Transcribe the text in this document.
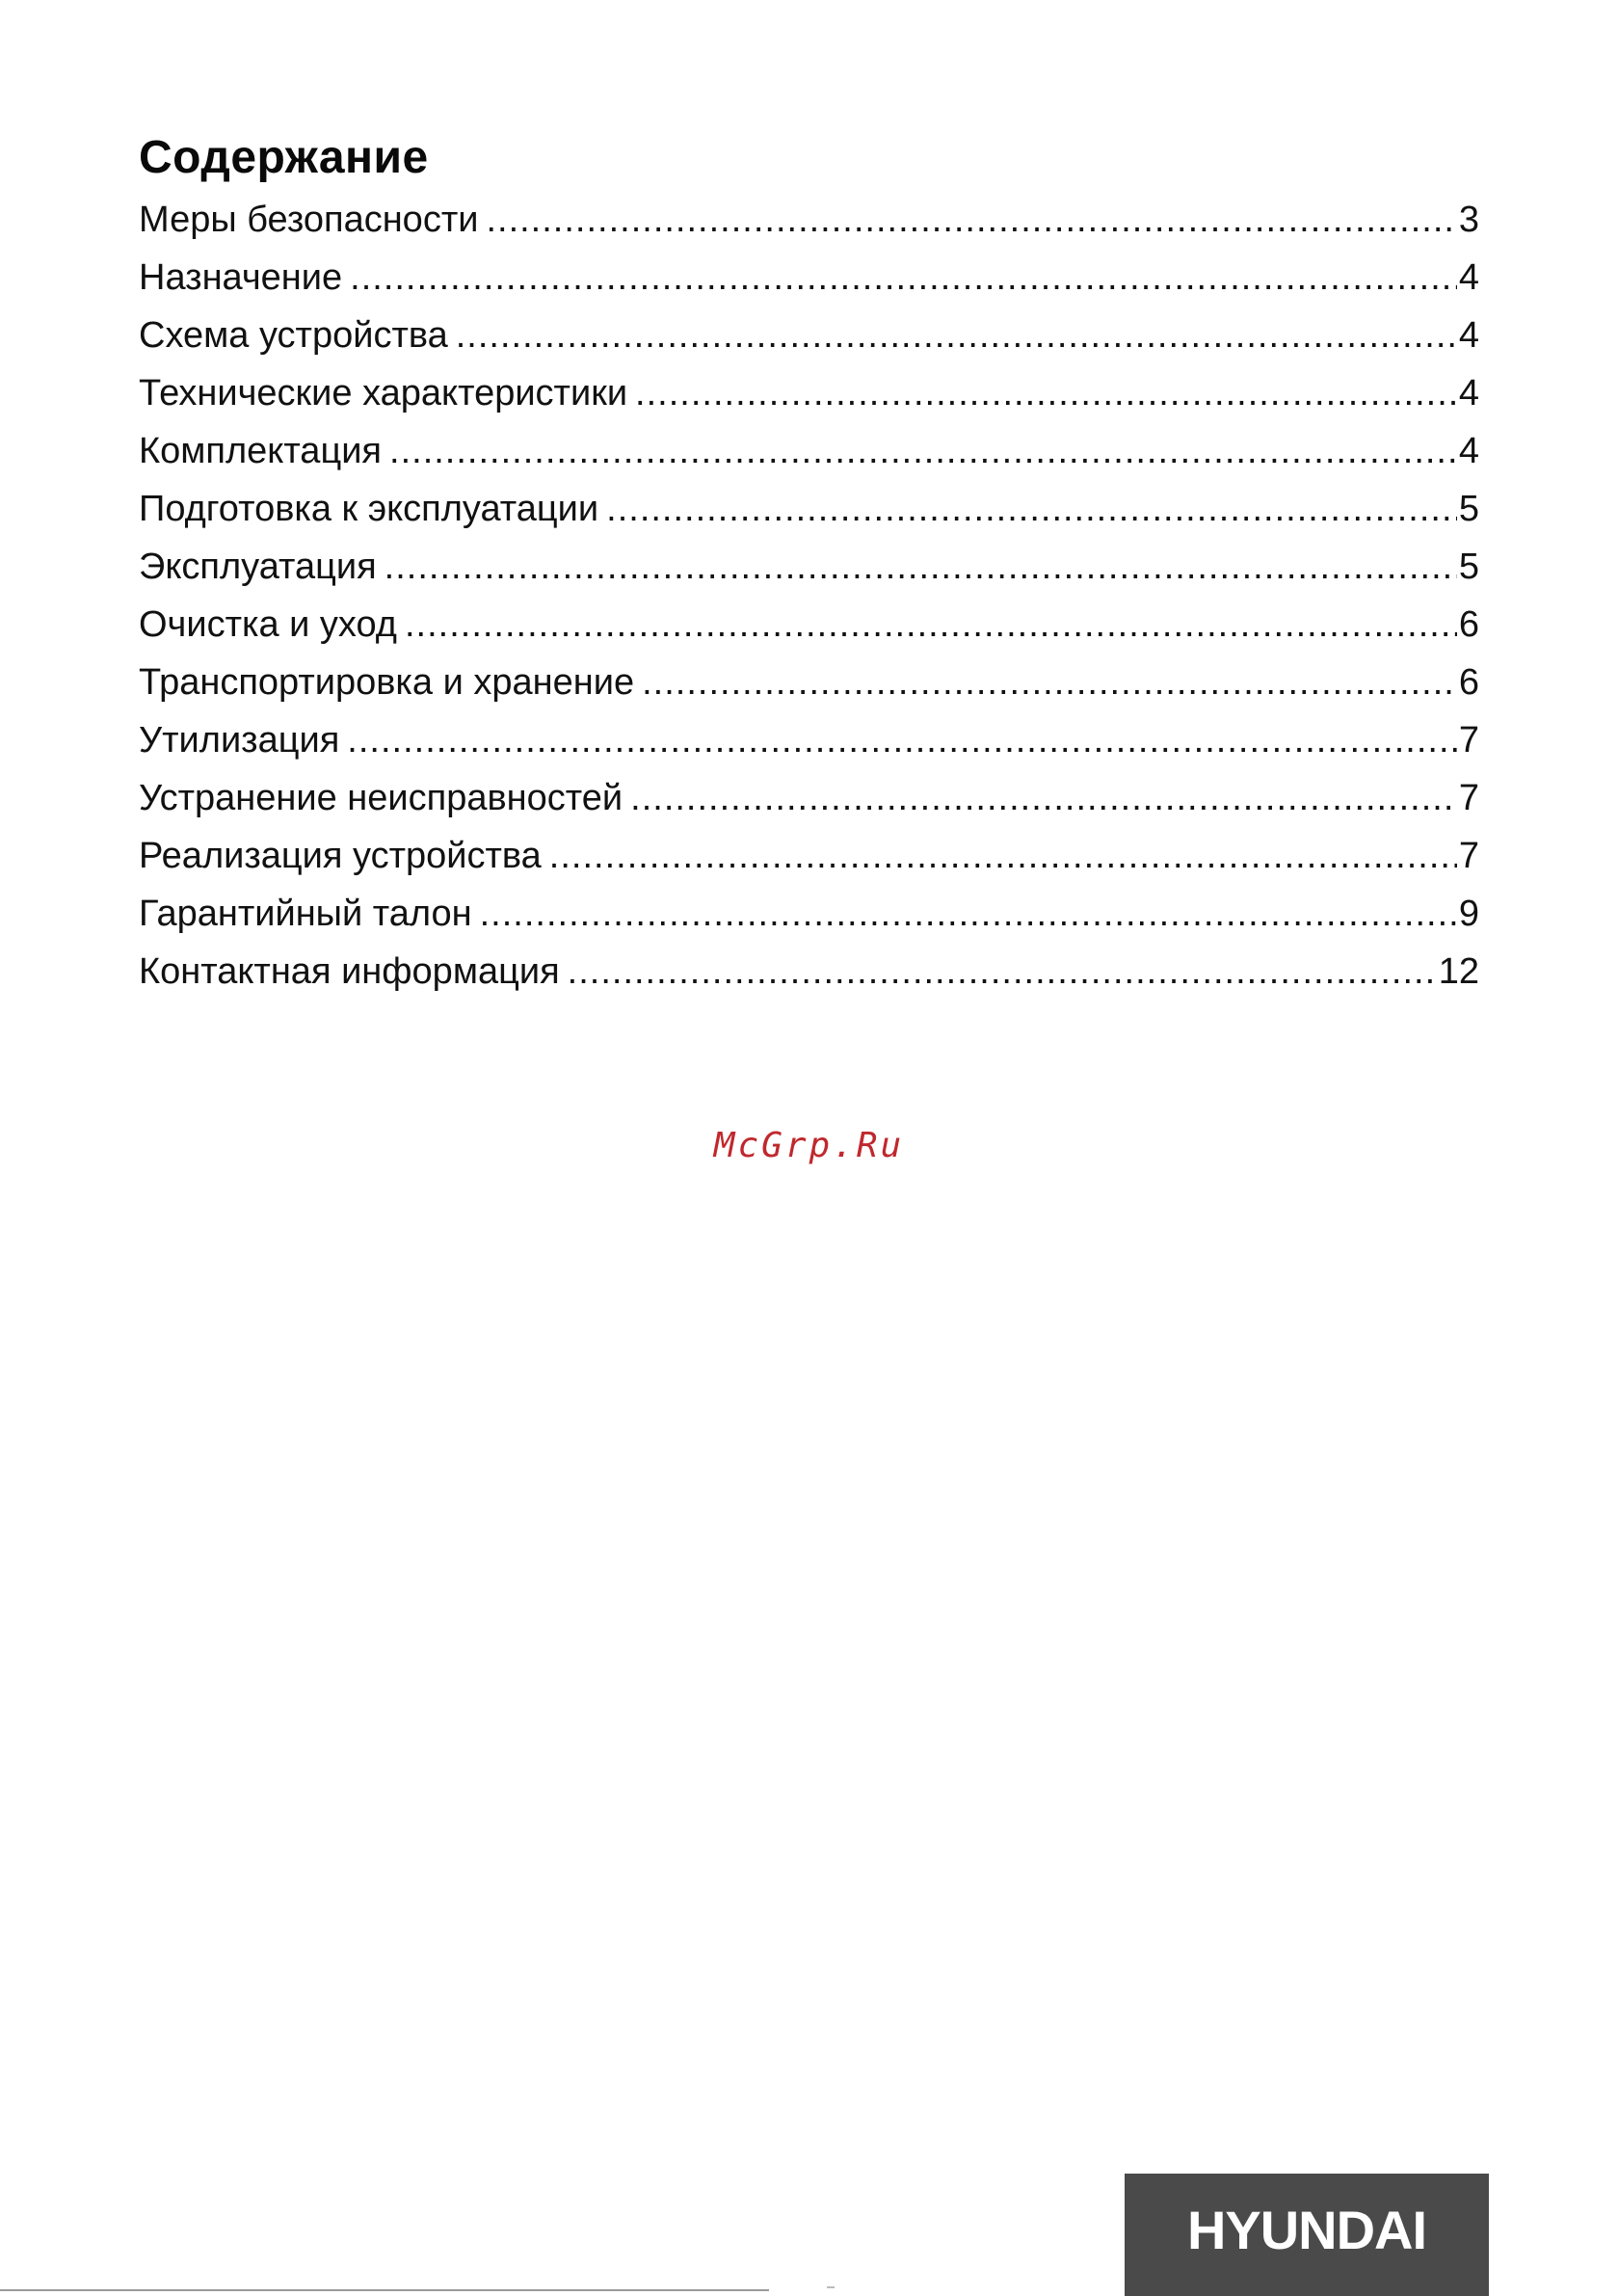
Содержание
Меры безопасности .....	3
Назначение .....	4
Схема устройства .....	4
Технические характеристики .....	4
Комплектация .....	4
Подготовка к эксплуатации .....	5
Эксплуатация .....	5
Очистка и уход .....	6
Транспортировка и хранение .....	6
Утилизация .....	7
Устранение неисправностей .....	7
Реализация устройства .....	7
Гарантийный талон .....	9
Контактная информация .....	12
McGrp.Ru
HYUNDAI
